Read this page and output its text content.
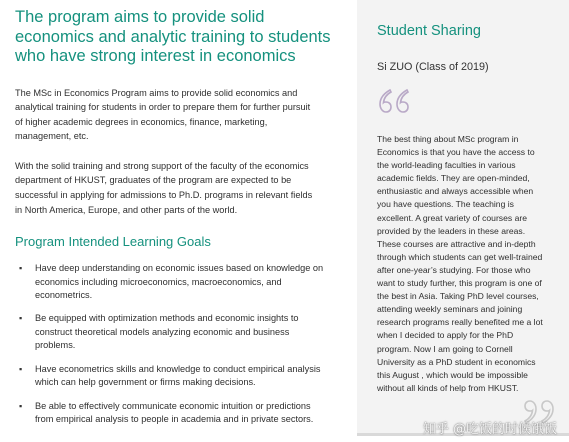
The program aims to provide solid economics and analytic training to students who have strong interest in economics

The MSc in Economics Program aims to provide solid economics and analytical training for students in order to prepare them for further pursuit of higher academic degrees in economics, finance, marketing, management, etc.

With the solid training and strong support of the faculty of the economics department of HKUST, graduates of the program are expected to be successful in applying for admissions to Ph.D. programs in relevant fields in North America, Europe, and other parts of the world.

Program Intended Learning Goals
▪ Have deep understanding on economic issues based on knowledge on economics including microeconomics, macroeconomics, and econometrics.
▪ Be equipped with optimization methods and economic insights to construct theoretical models analyzing economic and business problems.
▪ Have econometrics skills and knowledge to conduct empirical analysis which can help government or firms making decisions.
▪ Be able to effectively communicate economic intuition or predictions from empirical analysis to people in academia and in private sectors.
Student Sharing
Si ZUO (Class of 2019)

The best thing about MSc program in Economics is that you have the access to the world-leading faculties in various academic fields. They are open-minded, enthusiastic and always accessible when you have questions. The teaching is excellent. A great variety of courses are provided by the leaders in these areas. These courses are attractive and in-depth through which students can get well-trained after one-year’s studying. For those who want to study further, this program is one of the best in Asia. Taking PhD level courses, attending weekly seminars and joining research programs really benefited me a lot when I decided to apply for the PhD program. Now I am going to Cornell University as a PhD student in economics this August , which would be impossible without all kinds of help from HKUST.

知乎 @吃饭的时候饿饭
